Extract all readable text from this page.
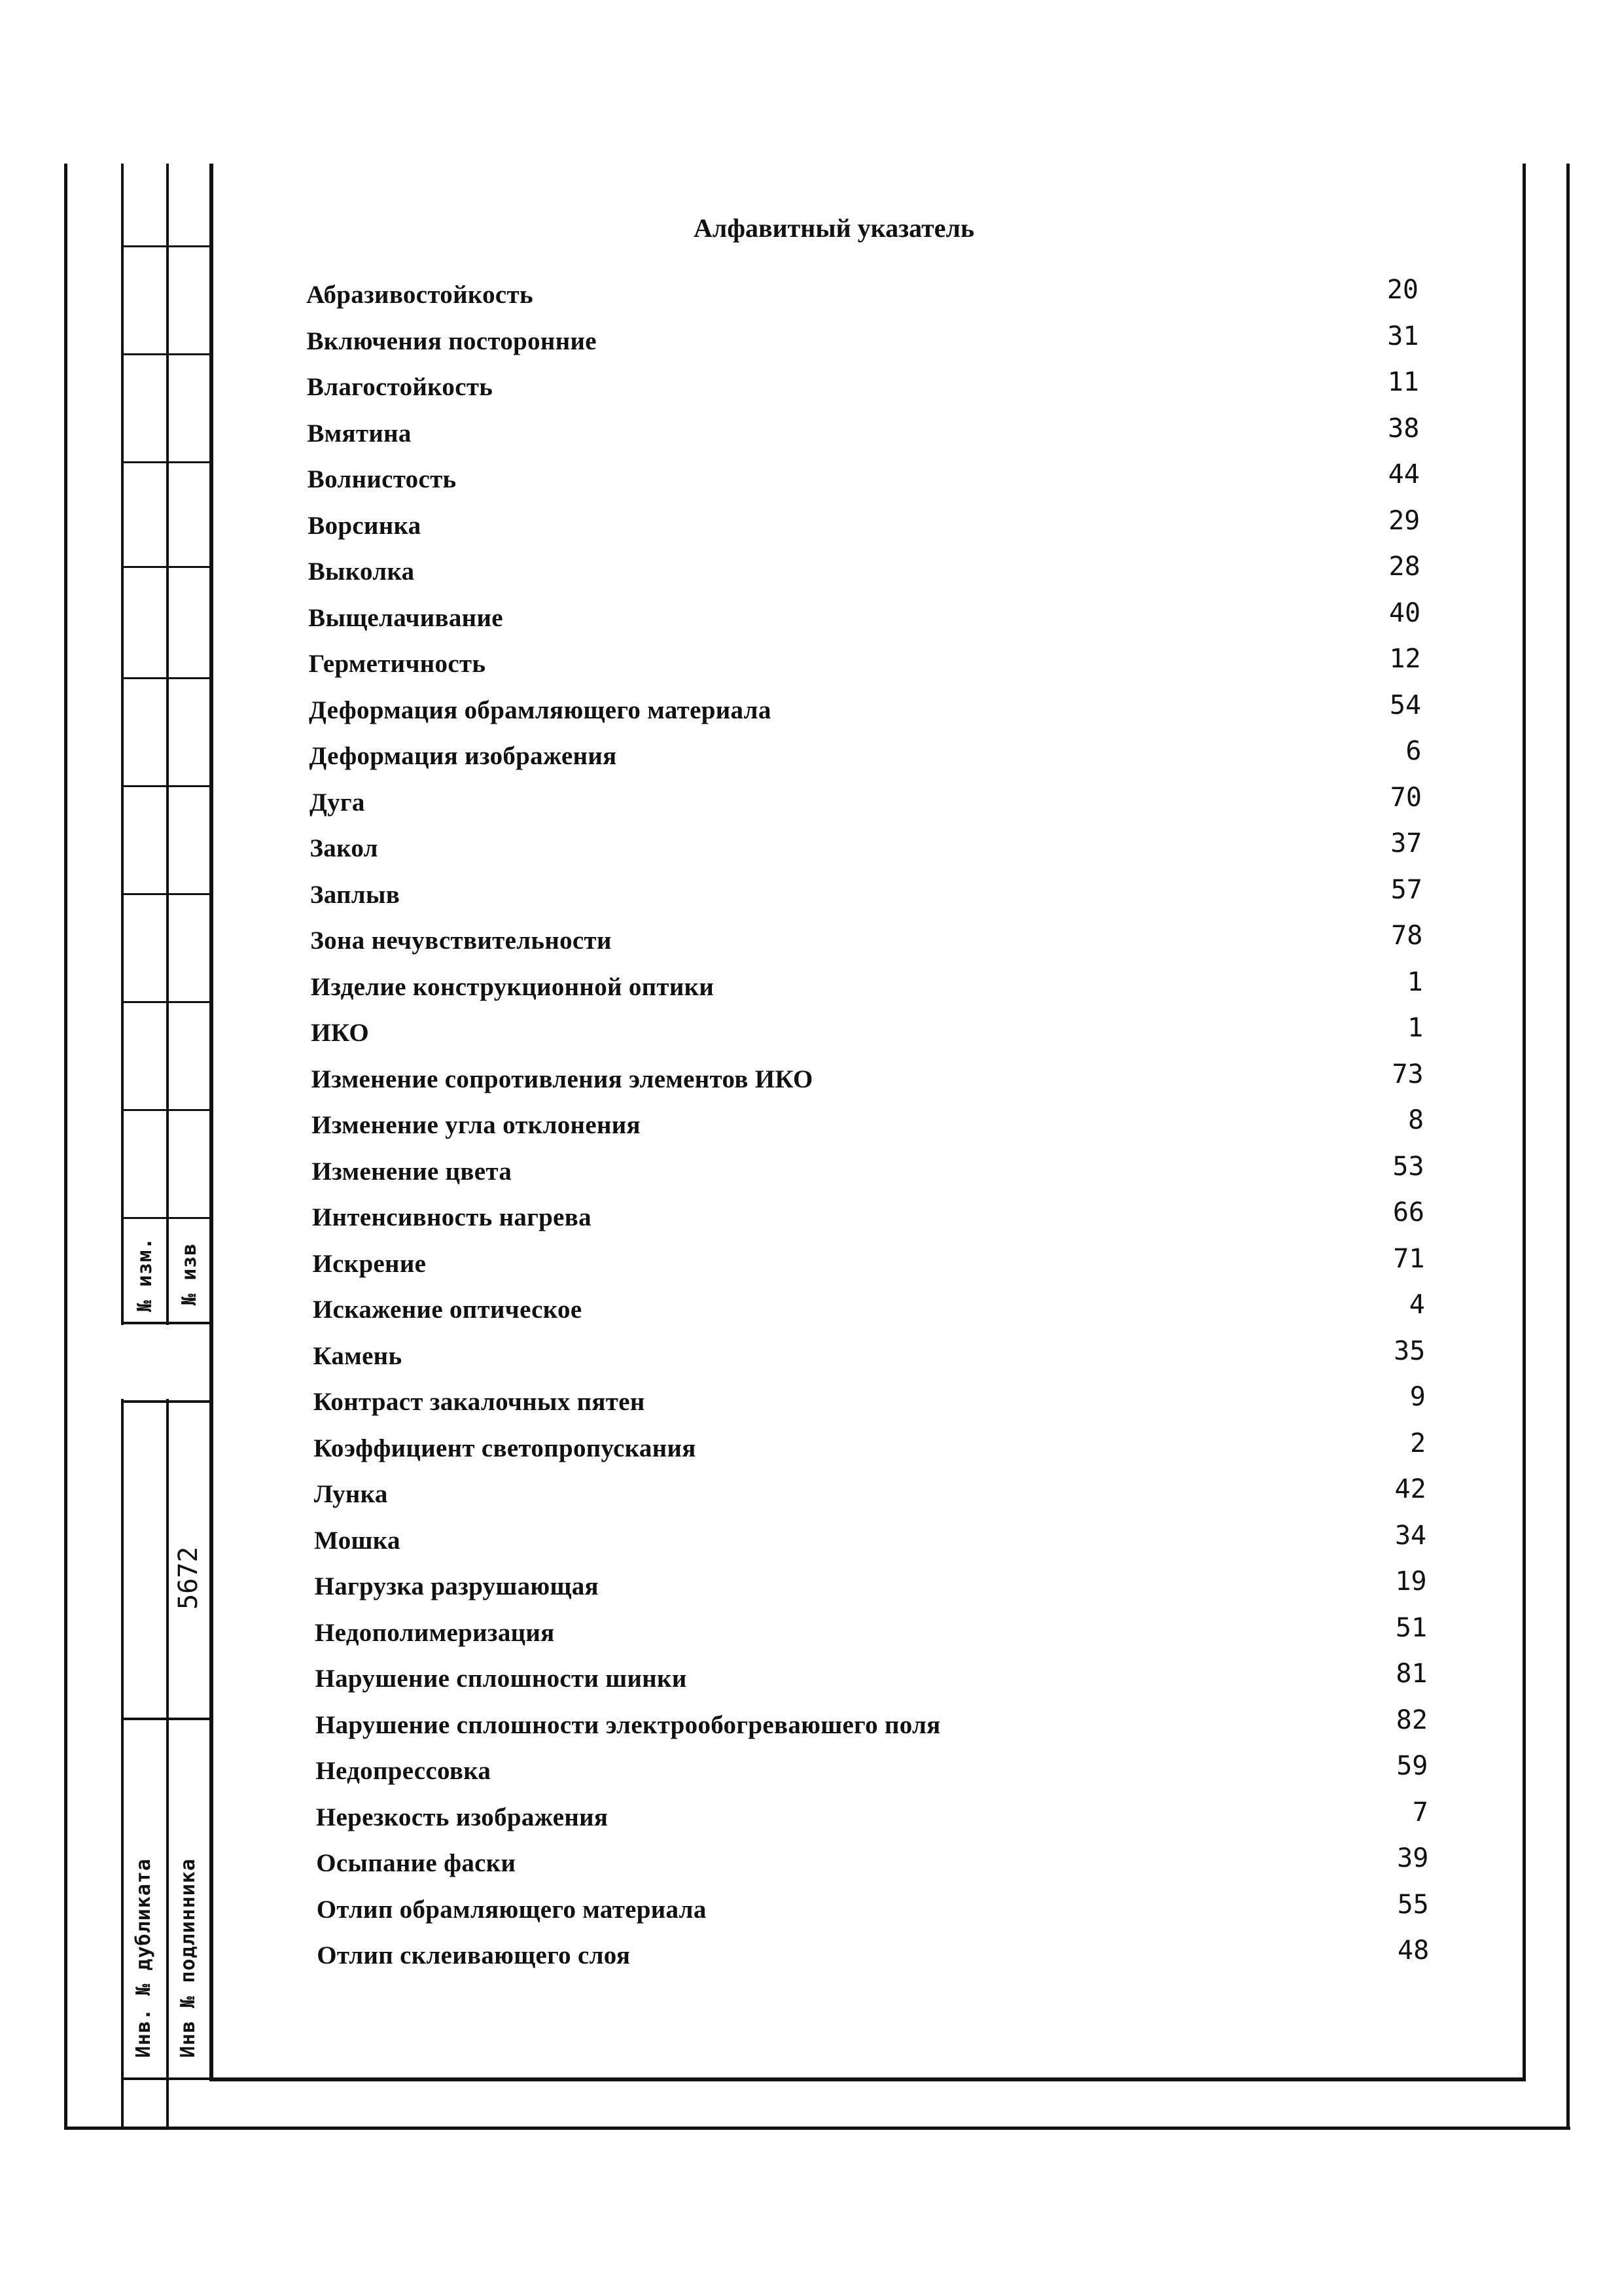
№ изм. № изв
5672
Инв. № дубликата Инв № подлинника
Алфавитный указатель
Абразивостойкость	20
Включения посторонние	31
Влагостойкость	11
Вмятина	38
Волнистость	44
Ворсинка	29
Выколка	28
Выщелачивание	40
Герметичность	12
Деформация обрамляющего материала	54
Деформация изображения	6
Дуга	70
Закол	37
Заплыв	57
Зона нечувствительности	78
Изделие конструкционной оптики	1
ИКО	1
Изменение сопротивления элементов ИКО	73
Изменение угла отклонения	8
Изменение цвета	53
Интенсивность нагрева	66
Искрение	71
Искажение оптическое	4
Камень	35
Контраст закалочных пятен	9
Коэффициент светопропускания	2
Лунка	42
Мошка	34
Нагрузка разрушающая	19
Недополимеризация	51
Нарушение сплошности шинки	81
Нарушение сплошности электрообогреваюшего поля	82
Недопрессовка	59
Нерезкость изображения	7
Осыпание фаски	39
Отлип обрамляющего материала	55
Отлип склеивающего слоя	48
